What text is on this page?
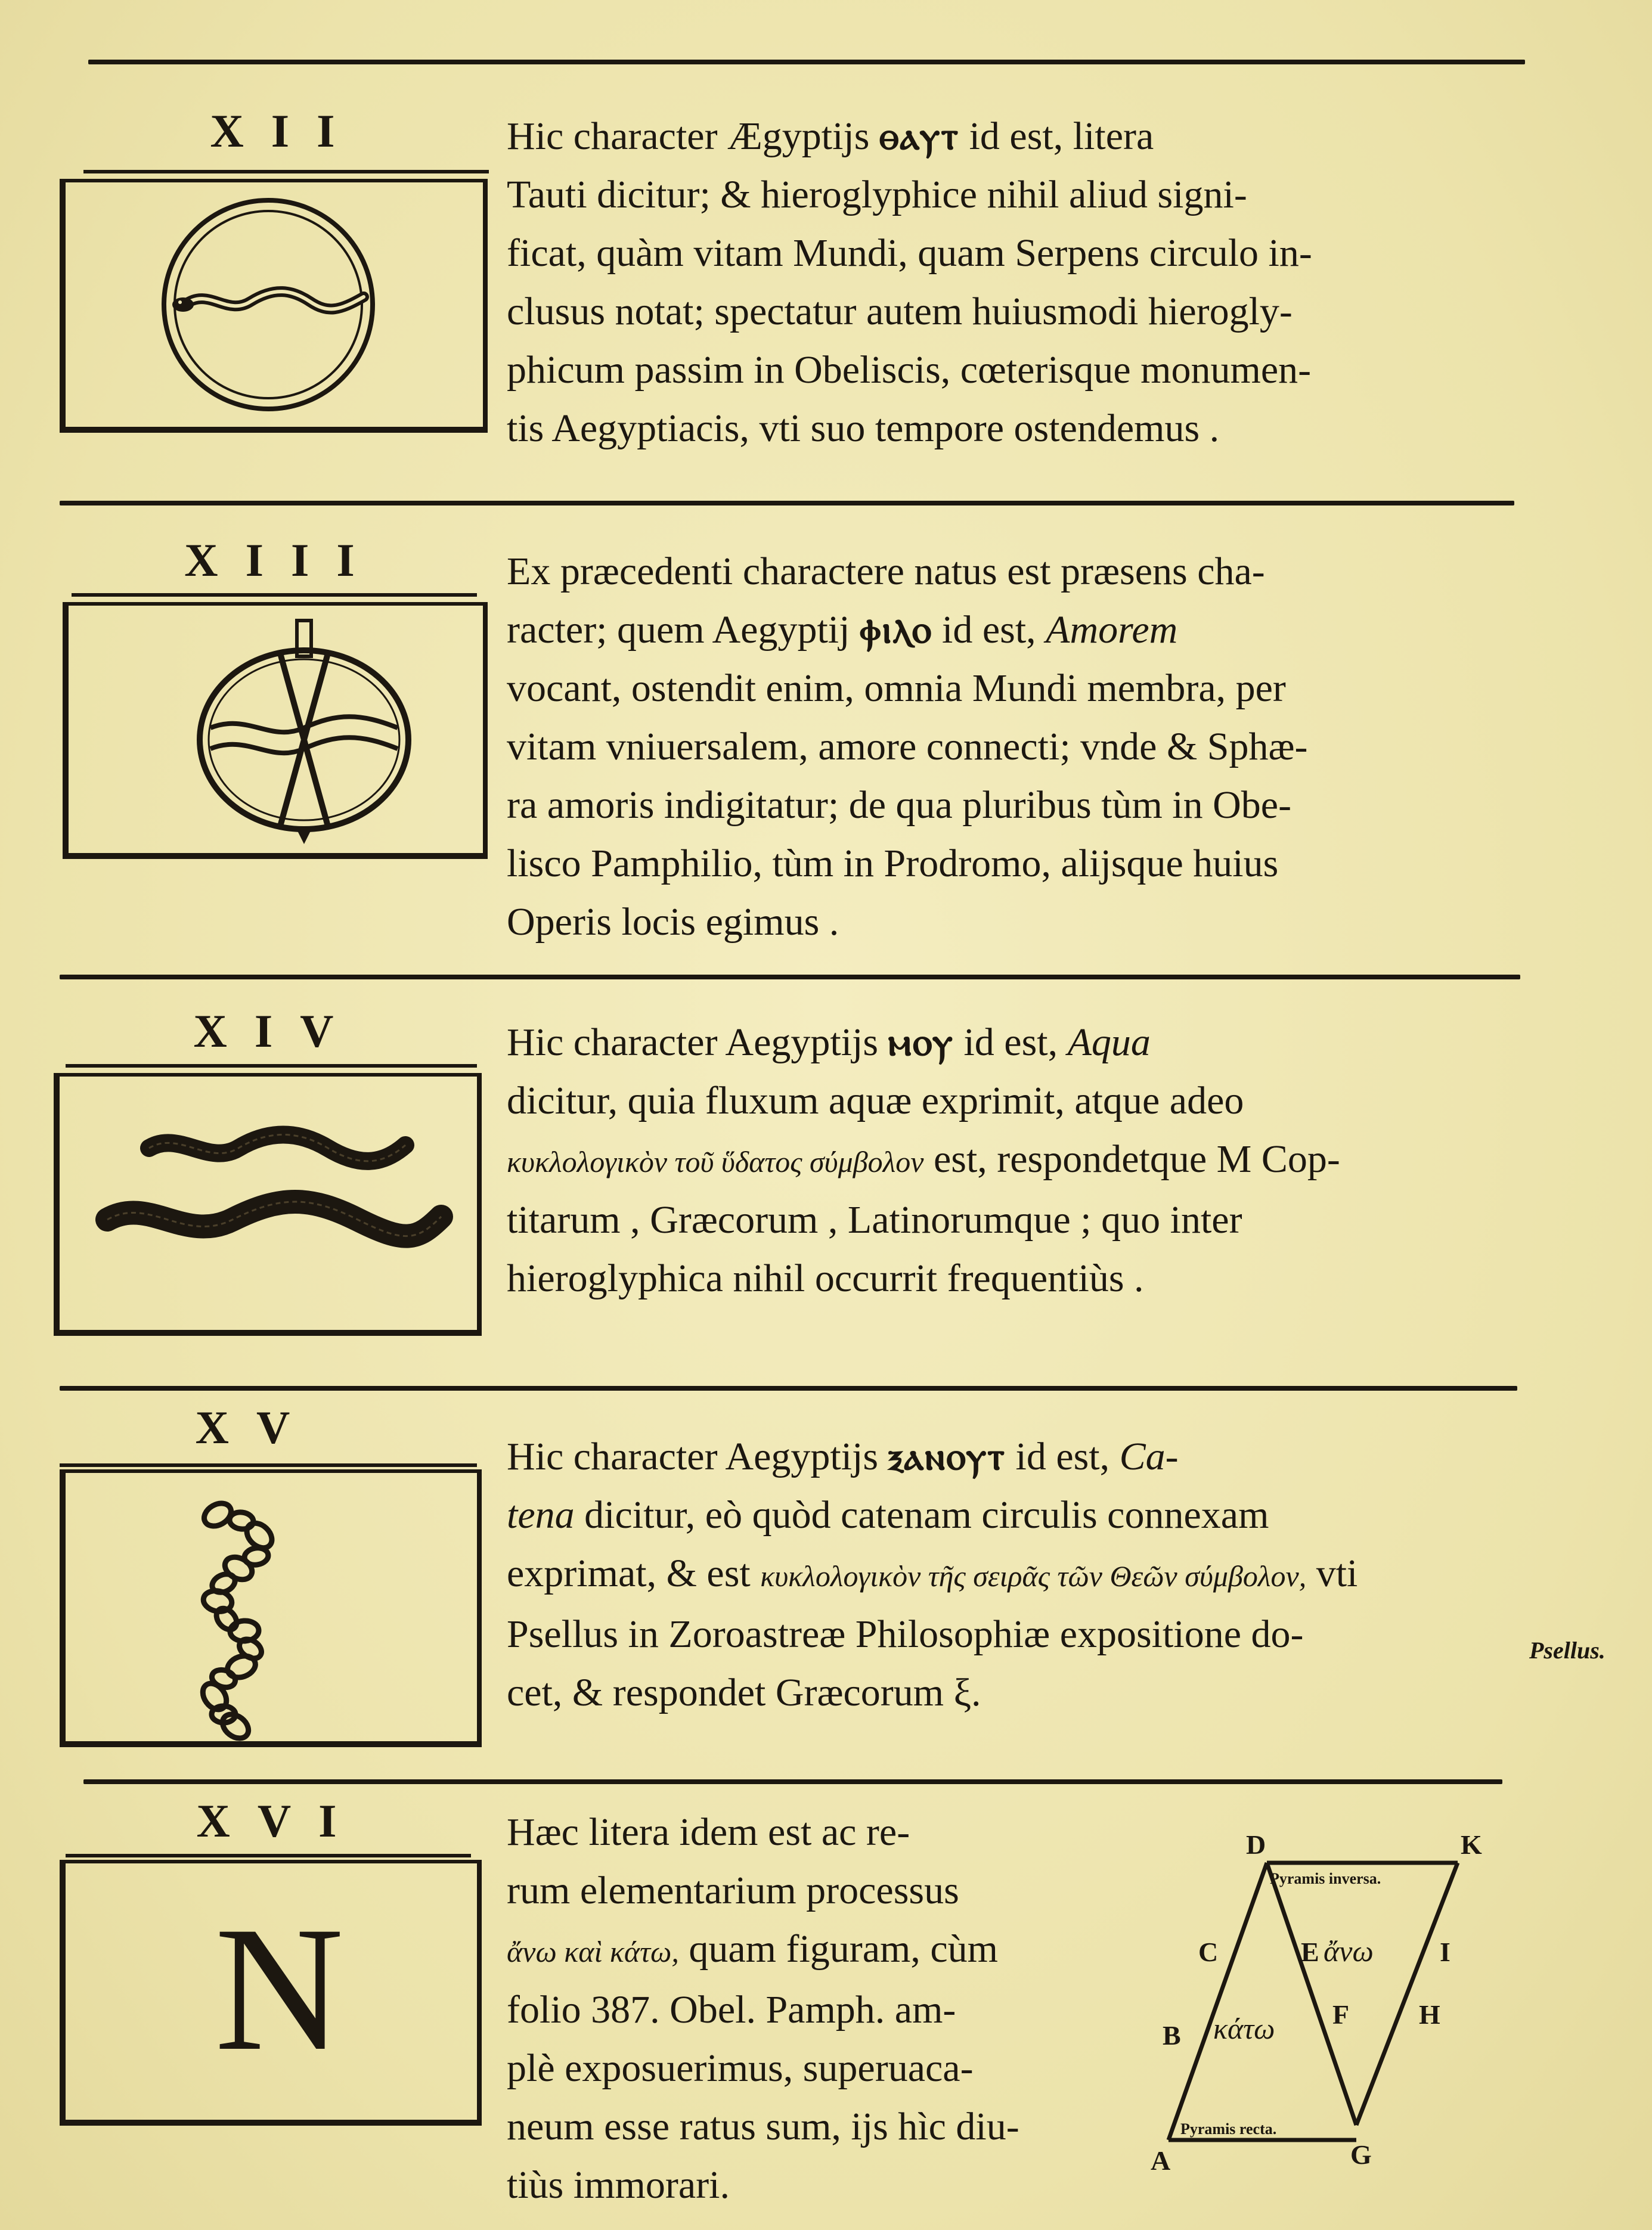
XII	Hic character Ægyptijs ⲑⲁⲩⲧ id est, litera
Tauti dicitur; & hieroglyphice nihil aliud signi-
ficat, quàm vitam Mundi, quam Serpens circulo in-
clusus notat; spectatur autem huiusmodi hierogly-
phicum passim in Obeliscis, cœterisque monumen-
tis Aegyptiacis, vti suo tempore ostendemus .
XIII	Ex præcedenti charactere natus est præsens cha-
racter; quem Aegyptij ⲫⲓⲗⲟ id est, Amorem
vocant, ostendit enim, omnia Mundi membra, per
vitam vniuersalem, amore connecti; vnde & Sphæ-
ra amoris indigitatur; de qua pluribus tùm in Obe-
lisco Pamphilio, tùm in Prodromo, alijsque huius
Operis locis egimus .
XIV	Hic character Aegyptijs ⲙⲟⲩ id est, Aqua
dicitur, quia fluxum aquæ exprimit, atque adeo
κυκλολογικὸν τοῦ ὕδατος σύμβολον est, respondetque M Cop-
titarum , Græcorum , Latinorumque ; quo inter
hieroglyphica nihil occurrit frequentiùs .
XV
Hic character Aegyptijs ⲝⲁⲛⲟⲩⲧ id est, Ca-
tena dicitur, eò quòd catenam circulis connexam
exprimat, & est κυκλολογικὸν τῆς σειρᾶς τῶν Θεῶν σύμβολον, vti
Psellus in Zoroastreæ Philosophiæ expositione do-
cet, & respondet Græcorum ξ.
Psellus.
XVI
N
Hæc litera idem est ac re-
rum elementarium processus
ἄνω καὶ κάτω, quam figuram, cùm
folio 387. Obel. Pamph. am-
plè exposuerimus, superuaca-
neum esse ratus sum, ijs hìc diu-
tiùs immorari.
D	K
C	I
B
H
A	G
F
E
Pyramis inversa.
Pyramis recta.
ἄνω
κάτω
